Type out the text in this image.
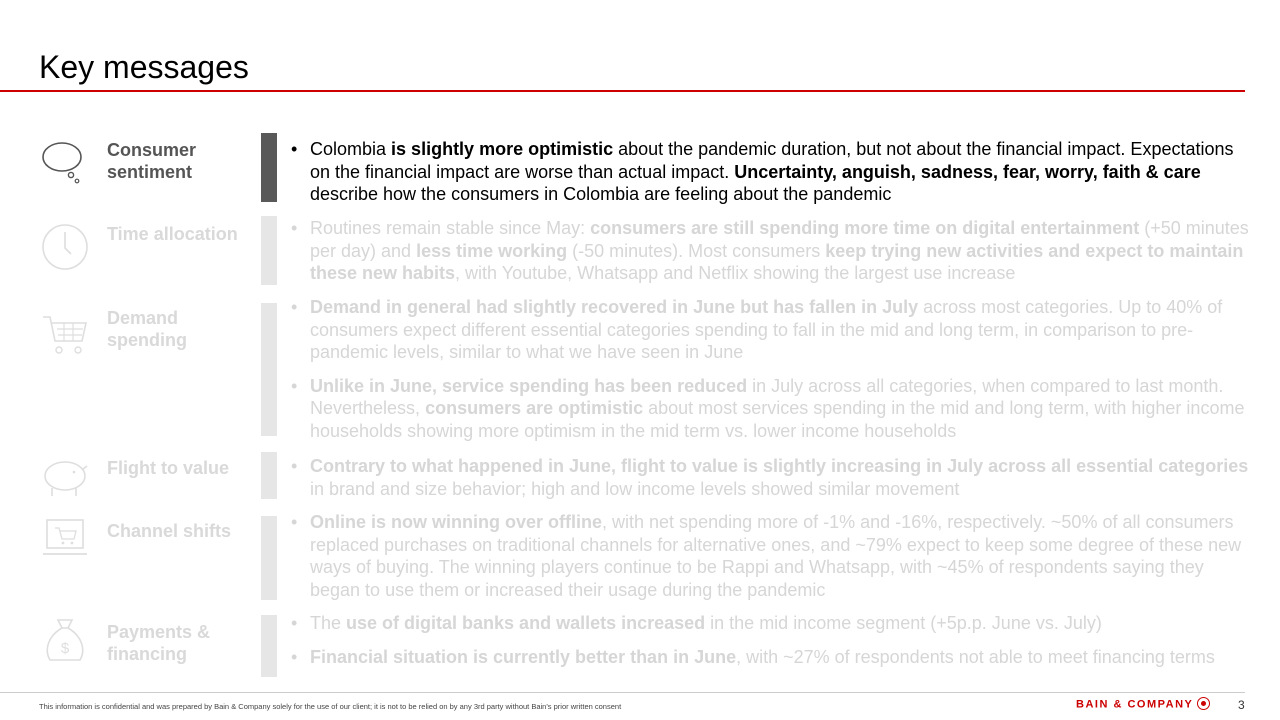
Key messages
Consumer sentiment

• Colombia is slightly more optimistic about the pandemic duration, but not about the financial impact. Expectations on the financial impact are worse than actual impact. Uncertainty, anguish, sadness, fear, worry, faith & care describe how the consumers in Colombia are feeling about the pandemic

Time allocation	• Routines remain stable since May: consumers are still spending more time on digital entertainment (+50 minutes per day) and less time working (-50 minutes). Most consumers keep trying new activities and expect to maintain these new habits, with Youtube, Whatsapp and Netflix showing the largest use increase

Demand spending

• Demand in general had slightly recovered in June but has fallen in July across most categories. Up to 40% of consumers expect different essential categories spending to fall in the mid and long term, in comparison to pre-pandemic levels, similar to what we have seen in June

• Unlike in June, service spending has been reduced in July across all categories, when compared to last month. Nevertheless, consumers are optimistic about most services spending in the mid and long term, with higher income households showing more optimism in the mid term vs. lower income households

Flight to value	• Contrary to what happened in June, flight to value is slightly increasing in July across all essential categories in brand and size behavior; high and low income levels showed similar movement

Channel shifts	• Online is now winning over offline, with net spending more of -1% and -16%, respectively. ~50% of all consumers replaced purchases on traditional channels for alternative ones, and ~79% expect to keep some degree of these new ways of buying. The winning players continue to be Rappi and Whatsapp, with ~45% of respondents saying they began to use them or increased their usage during the pandemic

$
Payments & financing

• The use of digital banks and wallets increased in the mid income segment (+5p.p. June vs. July)

• Financial situation is currently better than in June, with ~27% of respondents not able to meet financing terms

This information is confidential and was prepared by Bain & Company solely for the use of our client; it is not to be relied on by any 3rd party without Bain's prior written consent	BAIN & COMPANY	3
